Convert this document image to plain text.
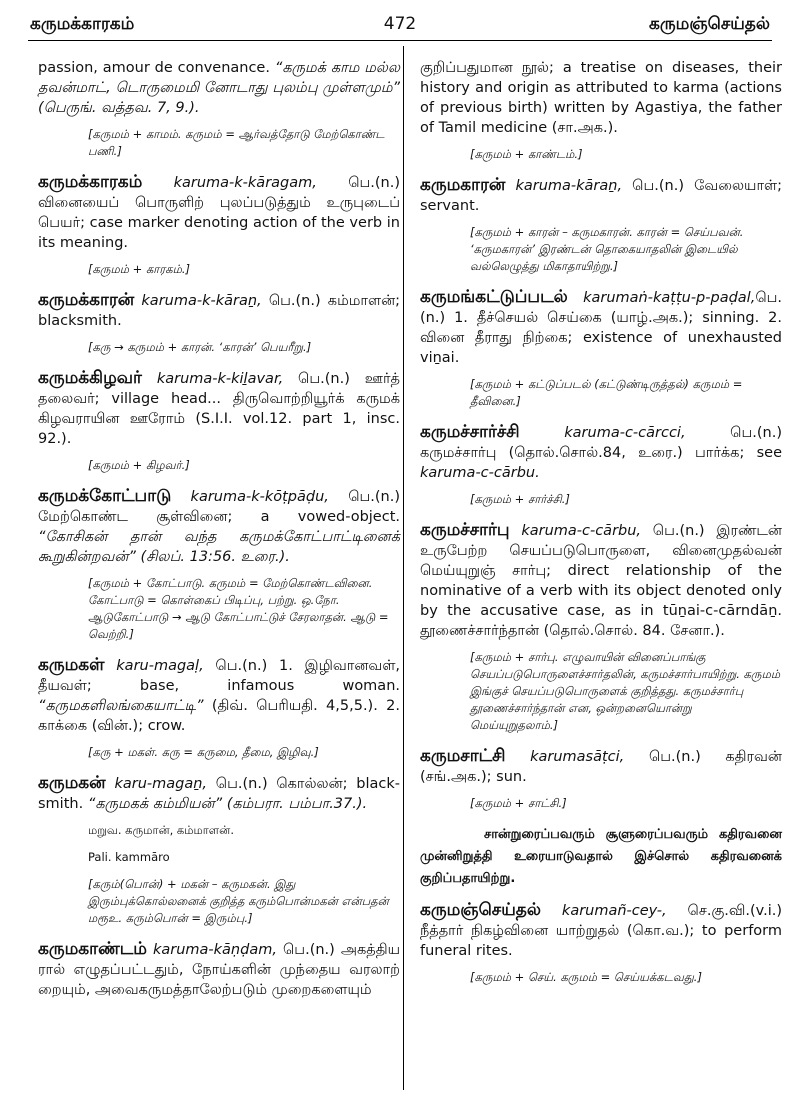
கருமக்காரகம்	472	கருமஞ்செய்தல்

passion, amour de convenance. “கருமக் காம மல்ல தவன்மாட், டொருமைமி னோடாது புலம்பு முள்ளமும்” (பெருங். வத்தவ. 7, 9.).

[கருமம் + காமம். கருமம் = ஆர்வத்தோடு மேற்கொண்ட பணி.]

கருமக்காரகம் karuma-k-kāragam, பெ.(n.) வினையைப் பொருளிற் புலப்படுத்தும் உருபுடைப் பெயர்; case marker denoting action of the verb in its meaning.

[கருமம் + காரகம்.]

கருமக்காரன் karuma-k-kāraṉ, பெ.(n.) கம்மாளன்; blacksmith.

[கரு → கருமம் + காரன். ‘காரன்’ பெயரீறு.]

கருமக்கிழவர் karuma-k-kiḻavar, பெ.(n.) ஊர்த் தலைவர்; village head... திருவொற்றியூர்க் கருமக் கிழவராயின ஊரோம் (S.I.I. vol.12. part 1, insc. 92.).

[கருமம் + கிழவர்.]

கருமக்கோட்பாடு karuma-k-kōṭpāḍu, பெ.(n.) மேற்கொண்ட சூள்வினை; a vowed-object. “கோசிகன் தான் வந்த கருமக்கோட்பாட்டினைக் கூறுகின்றவன்” (சிலப். 13:56. உரை.).

[கருமம் + கோட்பாடு. கருமம் = மேற்கொண்டவினை. கோட்பாடு = கொள்கைப் பிடிப்பு, பற்று. ஒ.நோ. ஆடுகோட்பாடு → ஆடு கோட்பாட்டுச் சேரலாதன். ஆடு = வெற்றி.]

கருமகள் karu-magaḷ, பெ.(n.) 1. இழிவானவள், தீயவள்; base, infamous woman. “கருமகளிலங்கையாட்டி” (திவ். பெரியதி. 4,5,5.). 2. காக்கை (வின்.); crow.

[கரு + மகள். கரு = கருமை, தீமை, இழிவு.]

கருமகன் karu-magaṉ, பெ.(n.) கொல்லன்; black-smith. “கருமகக் கம்மியன்” (கம்பரா. பம்பா.37.).

மறுவ. கருமான், கம்மாளன்.
Pali. kammāro
[கரும்(பொன்) + மகன் – கருமகன். இது இரும்புக்கொல்லனைக் குறித்த கரும்பொன்மகன் என்பதன் மரூஉ. கரும்பொன் = இரும்பு.]

கருமகாண்டம் karuma-kāṇḍam, பெ.(n.) அகத்திய ரால் எழுதப்பட்டதும், நோய்களின் முந்தைய வரலாற் றையும், அவைகருமத்தாலேற்படும் முறைகளையும்

குறிப்பதுமான நூல்; a treatise on diseases, their history and origin as attributed to karma (actions of previous birth) written by Agastiya, the father of Tamil medicine (சா.அக.).

[கருமம் + காண்டம்.]

கருமகாரன் karuma-kāraṉ, பெ.(n.) வேலையாள்; servant.

[கருமம் + காரன் – கருமகாரன். காரன் = செய்பவன். ‘கருமகாரன்’ இரண்டன் தொகையாதலின் இடையில் வல்லெழுத்து மிகாதாயிற்று.]

கருமங்கட்டுப்படல் karumaṅ-kaṭṭu-p-paḍal,பெ.(n.) 1. தீச்செயல் செய்கை (யாழ்.அக.); sinning. 2. வினை தீராது நிற்கை; existence of unexhausted viṉai.

[கருமம் + கட்டுப்படல் (கட்டுண்டிருத்தல்) கருமம் = தீவினை.]

கருமச்சார்ச்சி	karuma-c-cārcci, பெ.(n.) கருமச்சார்பு (தொல்.சொல்.84, உரை.) பார்க்க; see karuma-c-cārbu.

[கருமம் + சார்ச்சி.]

கருமச்சார்பு karuma-c-cārbu, பெ.(n.) இரண்டன் உருபேற்ற செயப்படுபொருளை, வினைமுதல்வன் மெய்யுறுஞ் சார்பு; direct relationship of the nominative of a verb with its object denoted only by the accusative case, as in tūṉai-c-cārndāṉ. தூணைச்சார்ந்தான் (தொல்.சொல். 84. சேனா.).

[கருமம் + சார்பு. எழுவாயின் வினைப்பாங்கு செயப்படுபொருளைச்சார்தலின், கருமச்சார்பாயிற்று. கருமம் இங்குச் செயப்படுபொருளைக் குறித்தது. கருமச்சார்பு தூணைச்சார்ந்தான் என, ஒன்றனையொன்று மெய்யுறுதலாம்.]

கருமசாட்சி karumasāṭci, பெ.(n.) கதிரவன் (சங்.அக.); sun.

[கருமம் + சாட்சி.]

சான்றுரைப்பவரும் சூளுரைப்பவரும் கதிரவனை முன்னிறுத்தி உரையாடுவதால் இச்சொல் கதிரவனைக் குறிப்பதாயிற்று.

கருமஞ்செய்தல் karumañ-cey-, செ.கு.வி.(v.i.) நீத்தார் நிகழ்வினை யாற்றுதல் (கொ.வ.); to perform funeral rites.

[கருமம் + செய். கருமம் = செய்யக்கடவது.]
